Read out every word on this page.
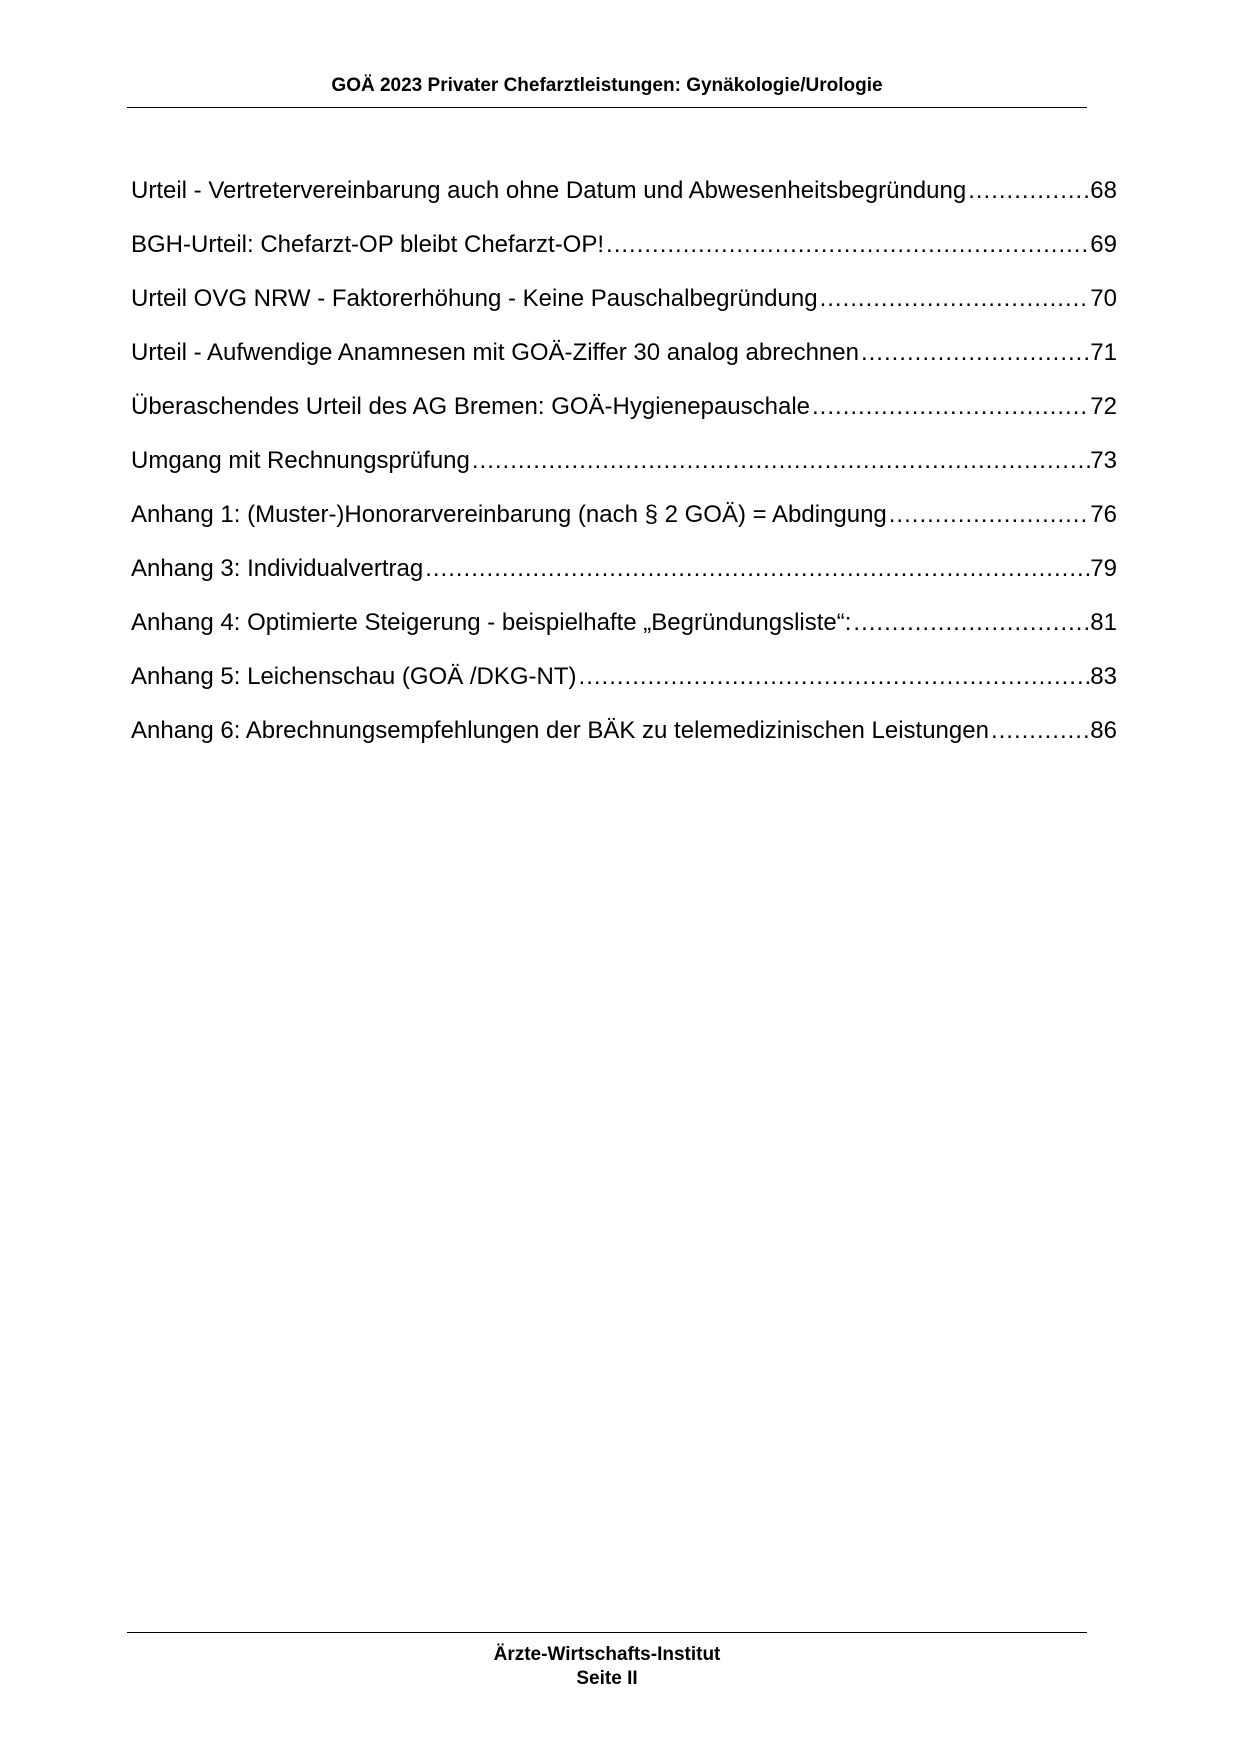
GOÄ 2023 Privater Chefarztleistungen: Gynäkologie/Urologie
Urteil - Vertretervereinbarung auch ohne Datum und Abwesenheitsbegründung .....	68
BGH-Urteil: Chefarzt-OP bleibt Chefarzt-OP! .....	69
Urteil OVG NRW - Faktorerhöhung - Keine Pauschalbegründung .....	70
Urteil - Aufwendige Anamnesen mit GOÄ-Ziffer 30 analog abrechnen .....	71
Überaschendes Urteil des AG Bremen: GOÄ-Hygienepauschale .....	72
Umgang mit Rechnungsprüfung .....	73
Anhang 1: (Muster-)Honorarvereinbarung (nach § 2 GOÄ) = Abdingung .....	76
Anhang 3: Individualvertrag .....	79
Anhang 4: Optimierte Steigerung - beispielhafte „Begründungsliste“: .....	81
Anhang 5: Leichenschau (GOÄ /DKG-NT) .....	83
Anhang 6: Abrechnungsempfehlungen der BÄK zu telemedizinischen Leistungen .....	86
Ärzte-Wirtschafts-Institut
Seite II
